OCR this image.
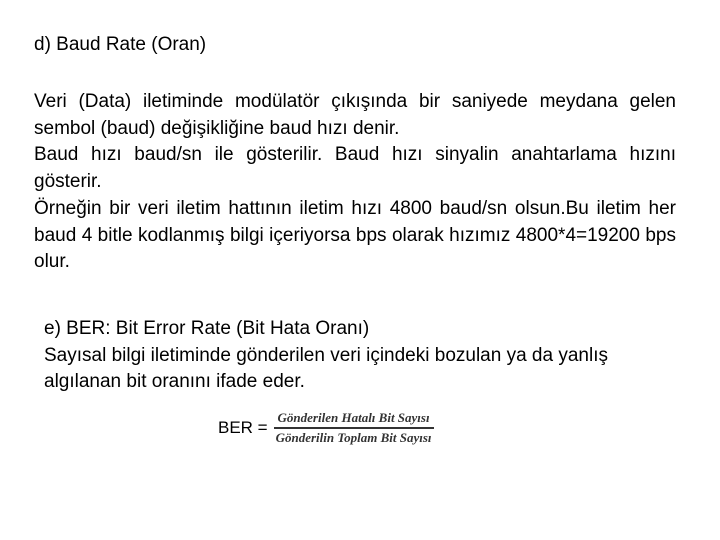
d) Baud Rate (Oran)

Veri (Data) iletiminde modülatör çıkışında bir saniyede meydana gelen sembol (baud) değişikliğine baud hızı denir.

Baud hızı baud/sn ile gösterilir. Baud hızı sinyalin anahtarlama hızını gösterir.

Örneğin bir veri iletim hattının iletim hızı 4800 baud/sn olsun.Bu iletim her baud 4 bitle kodlanmış bilgi içeriyorsa bps olarak hızımız 4800*4=19200 bps olur.

e) BER: Bit Error Rate (Bit Hata Oranı)

Sayısal bilgi iletiminde gönderilen veri içindeki bozulan ya da yanlış algılanan bit oranını ifade eder.

BER = $\frac{\text{Gönderilen Hatalı Bit Sayısı}}{\text{Gönderilin Toplam Bit Sayısı}}$
